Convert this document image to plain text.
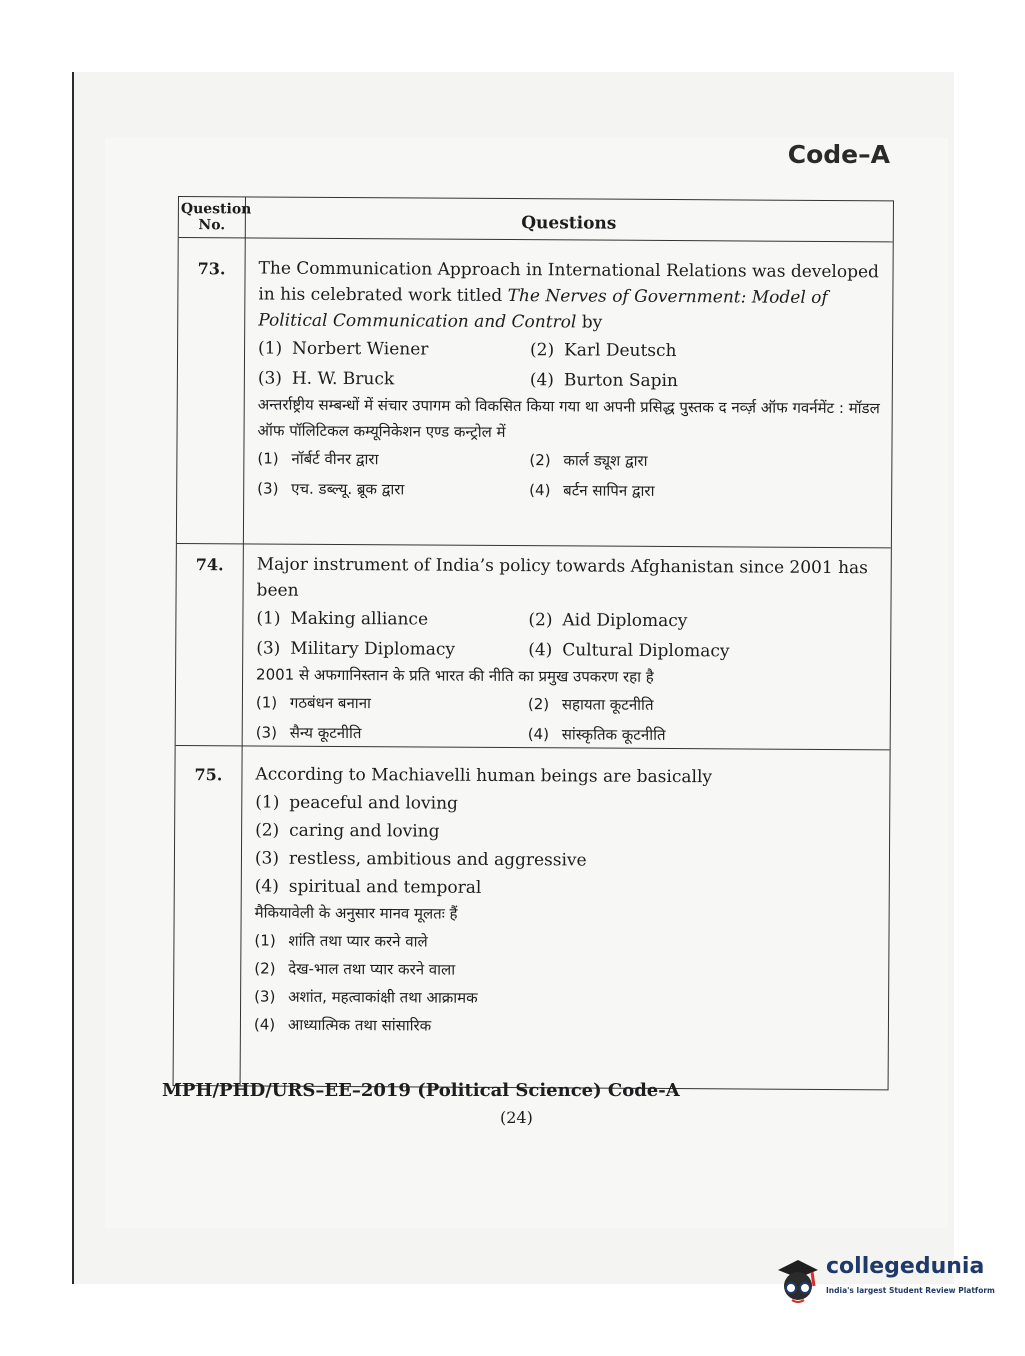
Code–A
Question No.	Questions
73.	The Communication Approach in International Relations was developed in his celebrated work titled The Nerves of Government: Model of Political Communication and Control by

(1) Norbert Wiener	(2) Karl Deutsch
(3) H. W. Bruck	(4) Burton Sapin

अन्तर्राष्ट्रीय सम्बन्धों में संचार उपागम को विकसित किया गया था अपनी प्रसिद्ध पुस्तक द नर्व्ज़ ऑफ गवर्नमेंट : मॉडल ऑफ पॉलिटिकल कम्यूनिकेशन एण्ड कन्ट्रोल में

(1) नॉर्बर्ट वीनर द्वारा	(2) कार्ल ड्यूश द्वारा
(3) एच. डब्ल्यू. ब्रूक द्वारा	(4) बर्टन सापिन द्वारा
74.	Major instrument of India’s policy towards Afghanistan since 2001 has been

(1) Making alliance	(2) Aid Diplomacy
(3) Military Diplomacy	(4) Cultural Diplomacy

2001 से अफगानिस्तान के प्रति भारत की नीति का प्रमुख उपकरण रहा है

(1) गठबंधन बनाना	(2) सहायता कूटनीति
(3) सैन्य कूटनीति	(4) सांस्कृतिक कूटनीति
75.	According to Machiavelli human beings are basically

(1) peaceful and loving
(2) caring and loving
(3) restless, ambitious and aggressive
(4) spiritual and temporal

मैकियावेली के अनुसार मानव मूलतः हैं

(1) शांति तथा प्यार करने वाले
(2) देख-भाल तथा प्यार करने वाला
(3) अशांत, महत्वाकांक्षी तथा आक्रामक
(4) आध्यात्मिक तथा सांसारिक
MPH/PHD/URS–EE–2019 (Political Science) Code-A
(24)
collegedunia
India's largest Student Review Platform
